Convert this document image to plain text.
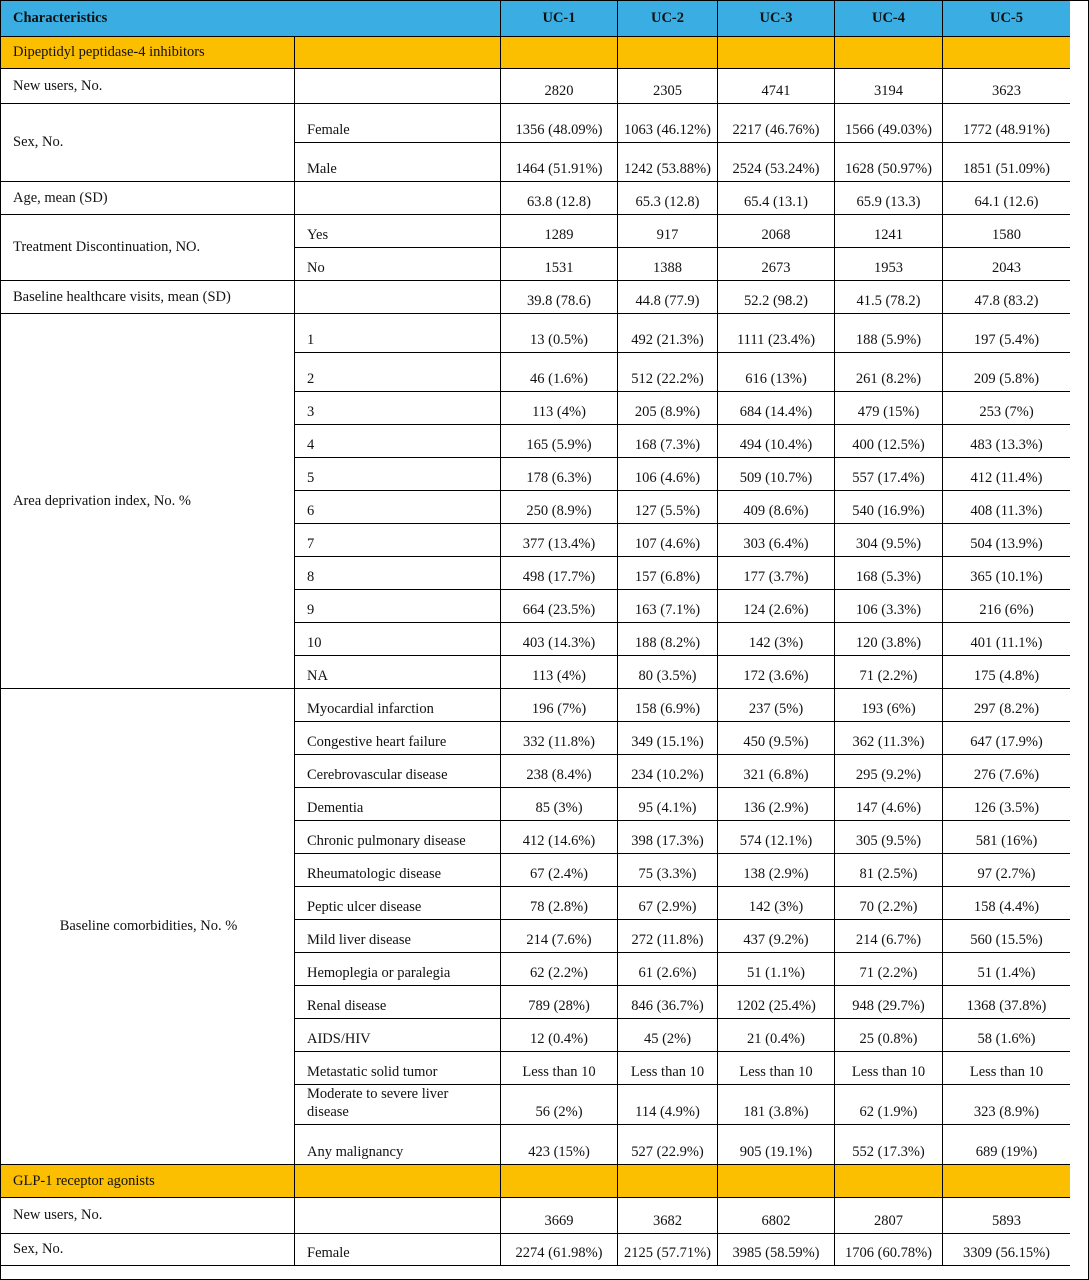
Characteristics	UC-1	UC-2	UC-3	UC-4	UC-5
Dipeptidyl peptidase-4 inhibitors
New users, No.	2820	2305	4741	3194	3623
Sex, No.
Female	1356 (48.09%)	1063 (46.12%)	2217 (46.76%)	1566 (49.03%)	1772 (48.91%)
Male	1464 (51.91%)	1242 (53.88%)	2524 (53.24%)	1628 (50.97%)	1851 (51.09%)
Age, mean (SD)	63.8 (12.8)	65.3 (12.8)	65.4 (13.1)	65.9 (13.3)	64.1 (12.6)
Treatment Discontinuation, NO.
Yes	1289	917	2068	1241	1580
No	1531	1388	2673	1953	2043
Baseline healthcare visits, mean (SD)	39.8 (78.6)	44.8 (77.9)	52.2 (98.2)	41.5 (78.2)	47.8 (83.2)
Area deprivation index, No. %
1	13 (0.5%)	492 (21.3%)	1111 (23.4%)	188 (5.9%)	197 (5.4%)
2	46 (1.6%)	512 (22.2%)	616 (13%)	261 (8.2%)	209 (5.8%)
3	113 (4%)	205 (8.9%)	684 (14.4%)	479 (15%)	253 (7%)
4	165 (5.9%)	168 (7.3%)	494 (10.4%)	400 (12.5%)	483 (13.3%)
5	178 (6.3%)	106 (4.6%)	509 (10.7%)	557 (17.4%)	412 (11.4%)
6	250 (8.9%)	127 (5.5%)	409 (8.6%)	540 (16.9%)	408 (11.3%)
7	377 (13.4%)	107 (4.6%)	303 (6.4%)	304 (9.5%)	504 (13.9%)
8	498 (17.7%)	157 (6.8%)	177 (3.7%)	168 (5.3%)	365 (10.1%)
9	664 (23.5%)	163 (7.1%)	124 (2.6%)	106 (3.3%)	216 (6%)
10	403 (14.3%)	188 (8.2%)	142 (3%)	120 (3.8%)	401 (11.1%)
NA	113 (4%)	80 (3.5%)	172 (3.6%)	71 (2.2%)	175 (4.8%)
Baseline comorbidities, No. %
Myocardial infarction	196 (7%)	158 (6.9%)	237 (5%)	193 (6%)	297 (8.2%)
Congestive heart failure	332 (11.8%)	349 (15.1%)	450 (9.5%)	362 (11.3%)	647 (17.9%)
Cerebrovascular disease	238 (8.4%)	234 (10.2%)	321 (6.8%)	295 (9.2%)	276 (7.6%)
Dementia	85 (3%)	95 (4.1%)	136 (2.9%)	147 (4.6%)	126 (3.5%)
Chronic pulmonary disease	412 (14.6%)	398 (17.3%)	574 (12.1%)	305 (9.5%)	581 (16%)
Rheumatologic disease	67 (2.4%)	75 (3.3%)	138 (2.9%)	81 (2.5%)	97 (2.7%)
Peptic ulcer disease	78 (2.8%)	67 (2.9%)	142 (3%)	70 (2.2%)	158 (4.4%)
Mild liver disease	214 (7.6%)	272 (11.8%)	437 (9.2%)	214 (6.7%)	560 (15.5%)
Hemoplegia or paralegia	62 (2.2%)	61 (2.6%)	51 (1.1%)	71 (2.2%)	51 (1.4%)
Renal disease	789 (28%)	846 (36.7%)	1202 (25.4%)	948 (29.7%)	1368 (37.8%)
AIDS/HIV	12 (0.4%)	45 (2%)	21 (0.4%)	25 (0.8%)	58 (1.6%)
Metastatic solid tumor	Less than 10	Less than 10	Less than 10	Less than 10	Less than 10
Moderate to severe liver disease	56 (2%)	114 (4.9%)	181 (3.8%)	62 (1.9%)	323 (8.9%)
Any malignancy	423 (15%)	527 (22.9%)	905 (19.1%)	552 (17.3%)	689 (19%)
GLP-1 receptor agonists
New users, No.	3669	3682	6802	2807	5893
Sex, No.	Female	2274 (61.98%)	2125 (57.71%)	3985 (58.59%)	1706 (60.78%)	3309 (56.15%)
